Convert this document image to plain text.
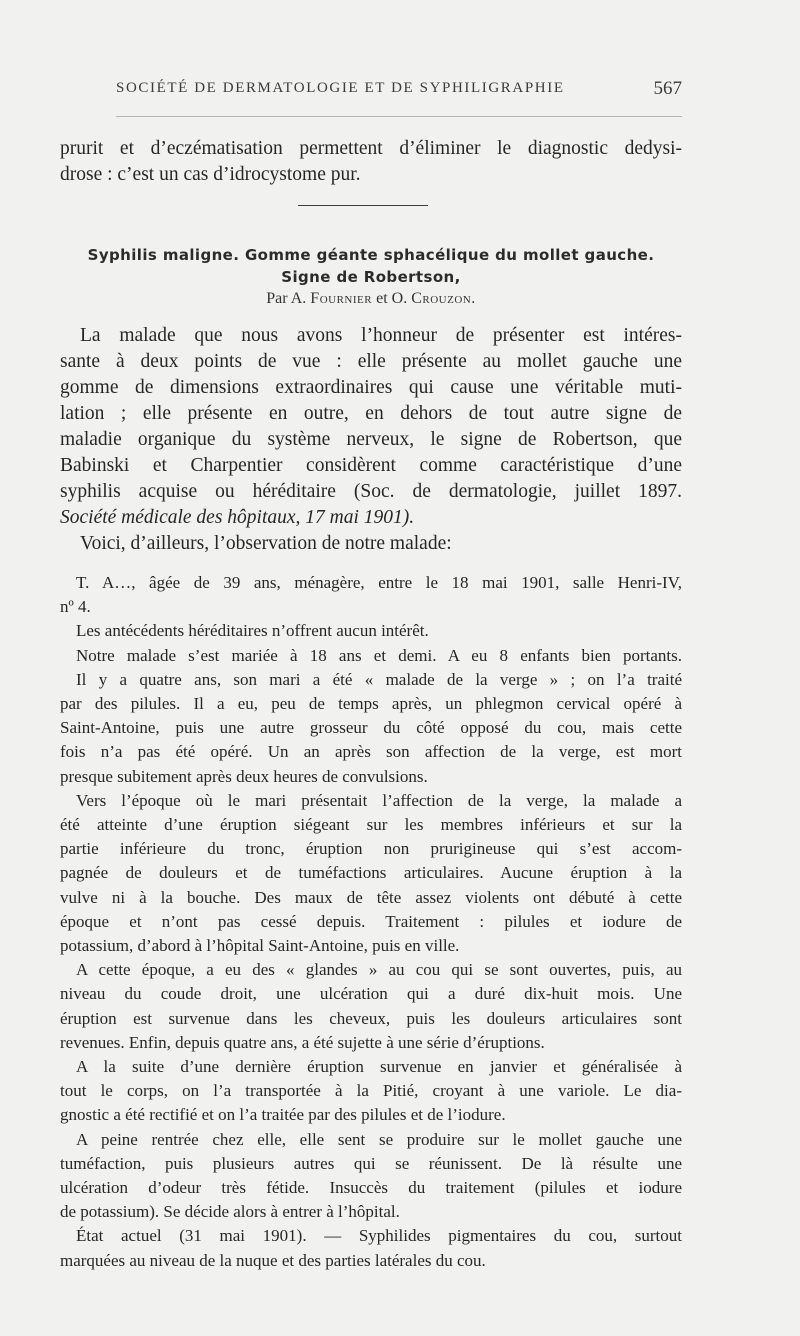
SOCIÉTÉ DE DERMATOLOGIE ET DE SYPHILIGRAPHIE	567
prurit et d’eczématisation permettent d’éliminer le diagnostic dedysi-
drose : c’est un cas d’idrocystome pur.
Syphilis maligne. Gomme géante sphacélique du mollet gauche.
Signe de Robertson,
Par A. Fournier et O. Crouzon.
La malade que nous avons l’honneur de présenter est intéres-
sante à deux points de vue : elle présente au mollet gauche une
gomme de dimensions extraordinaires qui cause une véritable muti-
lation ; elle présente en outre, en dehors de tout autre signe de
maladie organique du système nerveux, le signe de Robertson, que
Babinski et Charpentier considèrent comme caractéristique d’une
syphilis acquise ou héréditaire (Soc. de dermatologie, juillet 1897.
Société médicale des hôpitaux, 17 mai 1901).
Voici, d’ailleurs, l’observation de notre malade:
T. A…, âgée de 39 ans, ménagère, entre le 18 mai 1901, salle Henri-IV,
nº 4.
Les antécédents héréditaires n’offrent aucun intérêt.
Notre malade s’est mariée à 18 ans et demi. A eu 8 enfants bien portants.
Il y a quatre ans, son mari a été « malade de la verge » ; on l’a traité
par des pilules. Il a eu, peu de temps après, un phlegmon cervical opéré à
Saint-Antoine, puis une autre grosseur du côté opposé du cou, mais cette
fois n’a pas été opéré. Un an après son affection de la verge, est mort
presque subitement après deux heures de convulsions.
Vers l’époque où le mari présentait l’affection de la verge, la malade a
été atteinte d’une éruption siégeant sur les membres inférieurs et sur la
partie inférieure du tronc, éruption non prurigineuse qui s’est accom-
pagnée de douleurs et de tuméfactions articulaires. Aucune éruption à la
vulve ni à la bouche. Des maux de tête assez violents ont débuté à cette
époque et n’ont pas cessé depuis. Traitement : pilules et iodure de
potassium, d’abord à l’hôpital Saint-Antoine, puis en ville.
A cette époque, a eu des « glandes » au cou qui se sont ouvertes, puis, au
niveau du coude droit, une ulcération qui a duré dix-huit mois. Une
éruption est survenue dans les cheveux, puis les douleurs articulaires sont
revenues. Enfin, depuis quatre ans, a été sujette à une série d’éruptions.
A la suite d’une dernière éruption survenue en janvier et généralisée à
tout le corps, on l’a transportée à la Pitié, croyant à une variole. Le dia-
gnostic a été rectifié et on l’a traitée par des pilules et de l’iodure.
A peine rentrée chez elle, elle sent se produire sur le mollet gauche une
tuméfaction, puis plusieurs autres qui se réunissent. De là résulte une
ulcération d’odeur très fétide. Insuccès du traitement (pilules et iodure
de potassium). Se décide alors à entrer à l’hôpital.
État actuel (31 mai 1901). — Syphilides pigmentaires du cou, surtout
marquées au niveau de la nuque et des parties latérales du cou.
